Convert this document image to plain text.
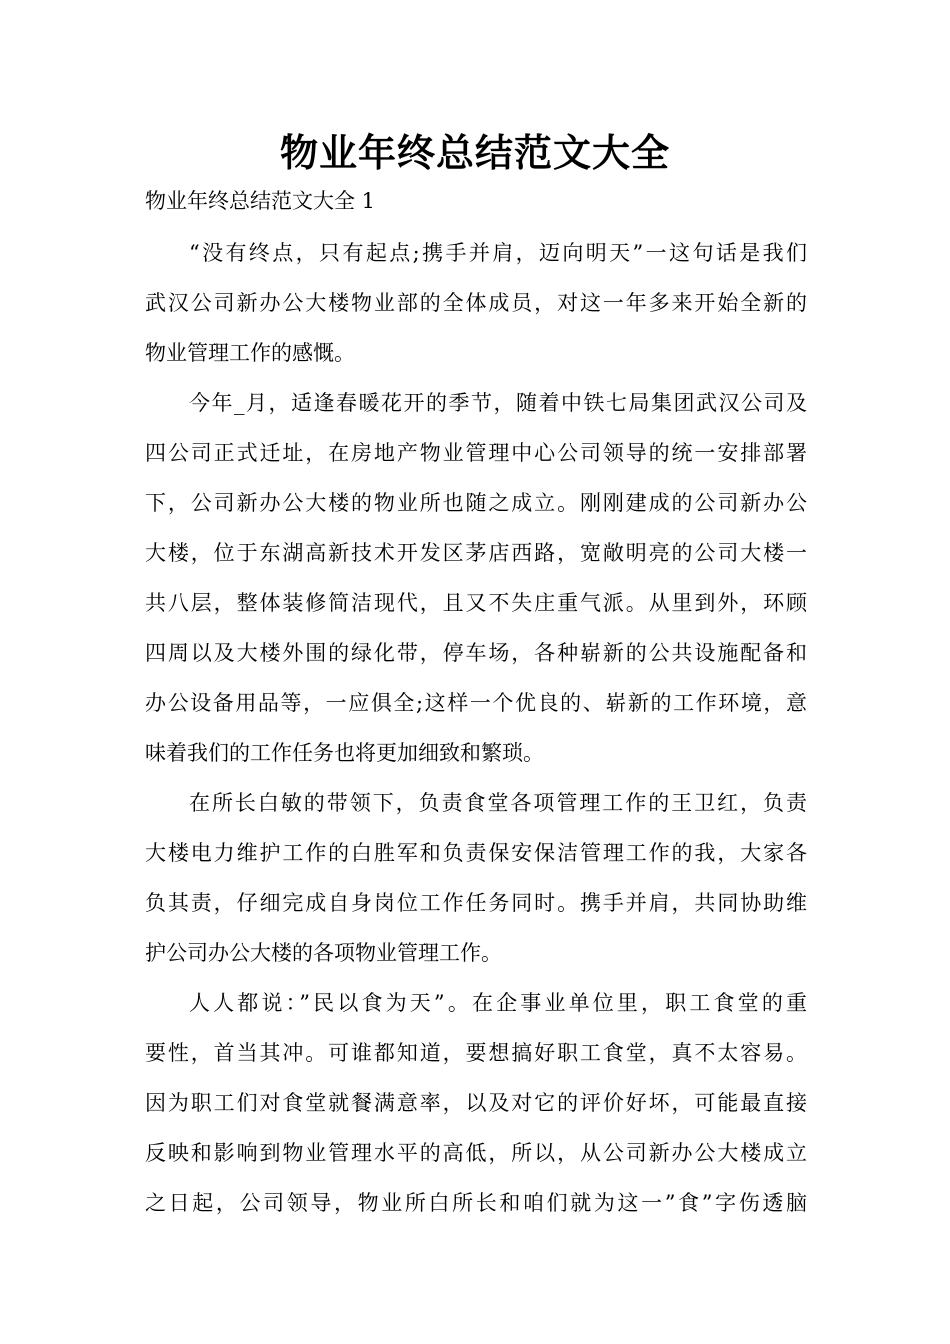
物业年终总结范文大全

物业年终总结范文大全 1

“没有终点，只有起点;携手并肩，迈向明天”一这句话是我们
武汉公司新办公大楼物业部的全体成员，对这一年多来开始全新的
物业管理工作的感慨。
今年_月，适逢春暖花开的季节，随着中铁七局集团武汉公司及
四公司正式迁址，在房地产物业管理中心公司领导的统一安排部署
下，公司新办公大楼的物业所也随之成立。刚刚建成的公司新办公
大楼，位于东湖高新技术开发区茅店西路，宽敞明亮的公司大楼一
共八层，整体装修简洁现代，且又不失庄重气派。从里到外，环顾
四周以及大楼外围的绿化带，停车场，各种崭新的公共设施配备和
办公设备用品等，一应俱全;这样一个优良的、崭新的工作环境，意
味着我们的工作任务也将更加细致和繁琐。
在所长白敏的带领下，负责食堂各项管理工作的王卫红，负责
大楼电力维护工作的白胜军和负责保安保洁管理工作的我，大家各
负其责，仔细完成自身岗位工作任务同时。携手并肩，共同协助维
护公司办公大楼的各项物业管理工作。
人人都说：”民以食为天”。在企事业单位里，职工食堂的重
要性，首当其冲。可谁都知道，要想搞好职工食堂，真不太容易。
因为职工们对食堂就餐满意率，以及对它的评价好坏，可能最直接
反映和影响到物业管理水平的高低，所以，从公司新办公大楼成立
之日起，公司领导，物业所白所长和咱们就为这一”食”字伤透脑
